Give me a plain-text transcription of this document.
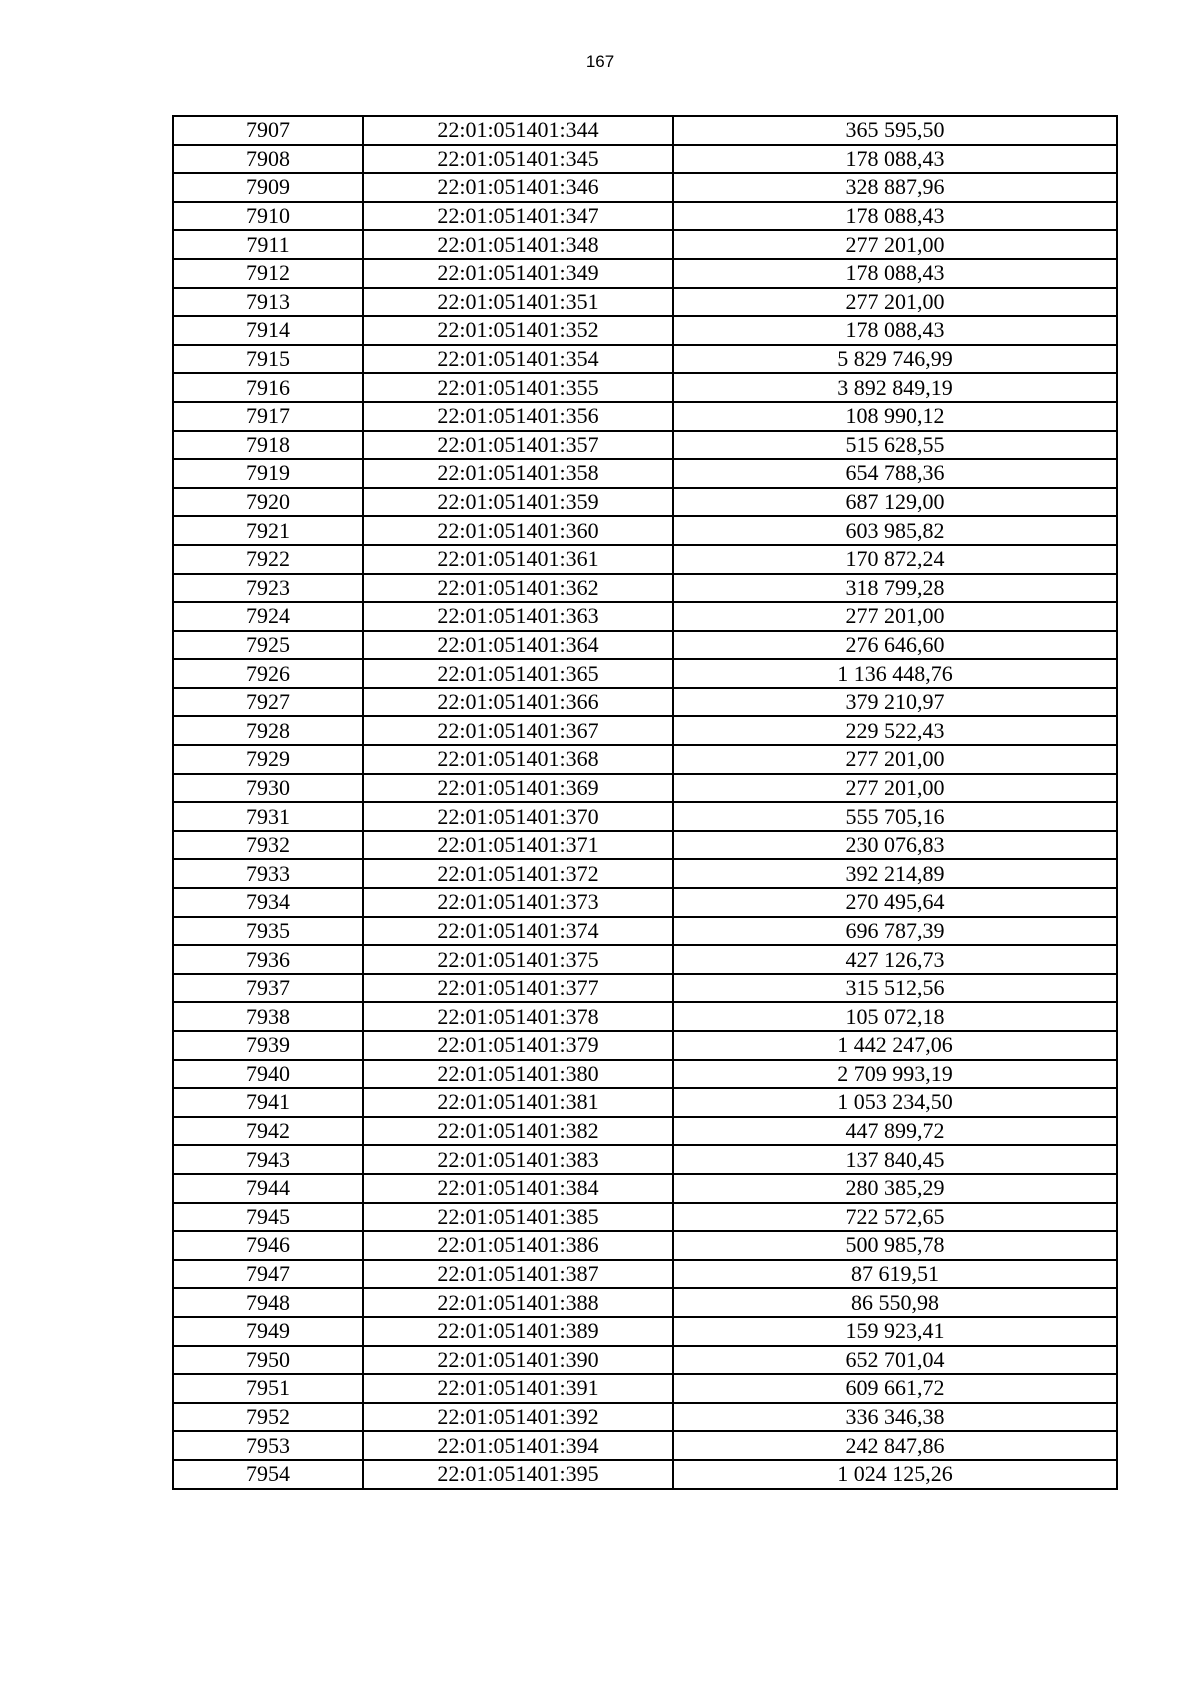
167
7907	22:01:051401:344	365 595,50
7908	22:01:051401:345	178 088,43
7909	22:01:051401:346	328 887,96
7910	22:01:051401:347	178 088,43
7911	22:01:051401:348	277 201,00
7912	22:01:051401:349	178 088,43
7913	22:01:051401:351	277 201,00
7914	22:01:051401:352	178 088,43
7915	22:01:051401:354	5 829 746,99
7916	22:01:051401:355	3 892 849,19
7917	22:01:051401:356	108 990,12
7918	22:01:051401:357	515 628,55
7919	22:01:051401:358	654 788,36
7920	22:01:051401:359	687 129,00
7921	22:01:051401:360	603 985,82
7922	22:01:051401:361	170 872,24
7923	22:01:051401:362	318 799,28
7924	22:01:051401:363	277 201,00
7925	22:01:051401:364	276 646,60
7926	22:01:051401:365	1 136 448,76
7927	22:01:051401:366	379 210,97
7928	22:01:051401:367	229 522,43
7929	22:01:051401:368	277 201,00
7930	22:01:051401:369	277 201,00
7931	22:01:051401:370	555 705,16
7932	22:01:051401:371	230 076,83
7933	22:01:051401:372	392 214,89
7934	22:01:051401:373	270 495,64
7935	22:01:051401:374	696 787,39
7936	22:01:051401:375	427 126,73
7937	22:01:051401:377	315 512,56
7938	22:01:051401:378	105 072,18
7939	22:01:051401:379	1 442 247,06
7940	22:01:051401:380	2 709 993,19
7941	22:01:051401:381	1 053 234,50
7942	22:01:051401:382	447 899,72
7943	22:01:051401:383	137 840,45
7944	22:01:051401:384	280 385,29
7945	22:01:051401:385	722 572,65
7946	22:01:051401:386	500 985,78
7947	22:01:051401:387	87 619,51
7948	22:01:051401:388	86 550,98
7949	22:01:051401:389	159 923,41
7950	22:01:051401:390	652 701,04
7951	22:01:051401:391	609 661,72
7952	22:01:051401:392	336 346,38
7953	22:01:051401:394	242 847,86
7954	22:01:051401:395	1 024 125,26
